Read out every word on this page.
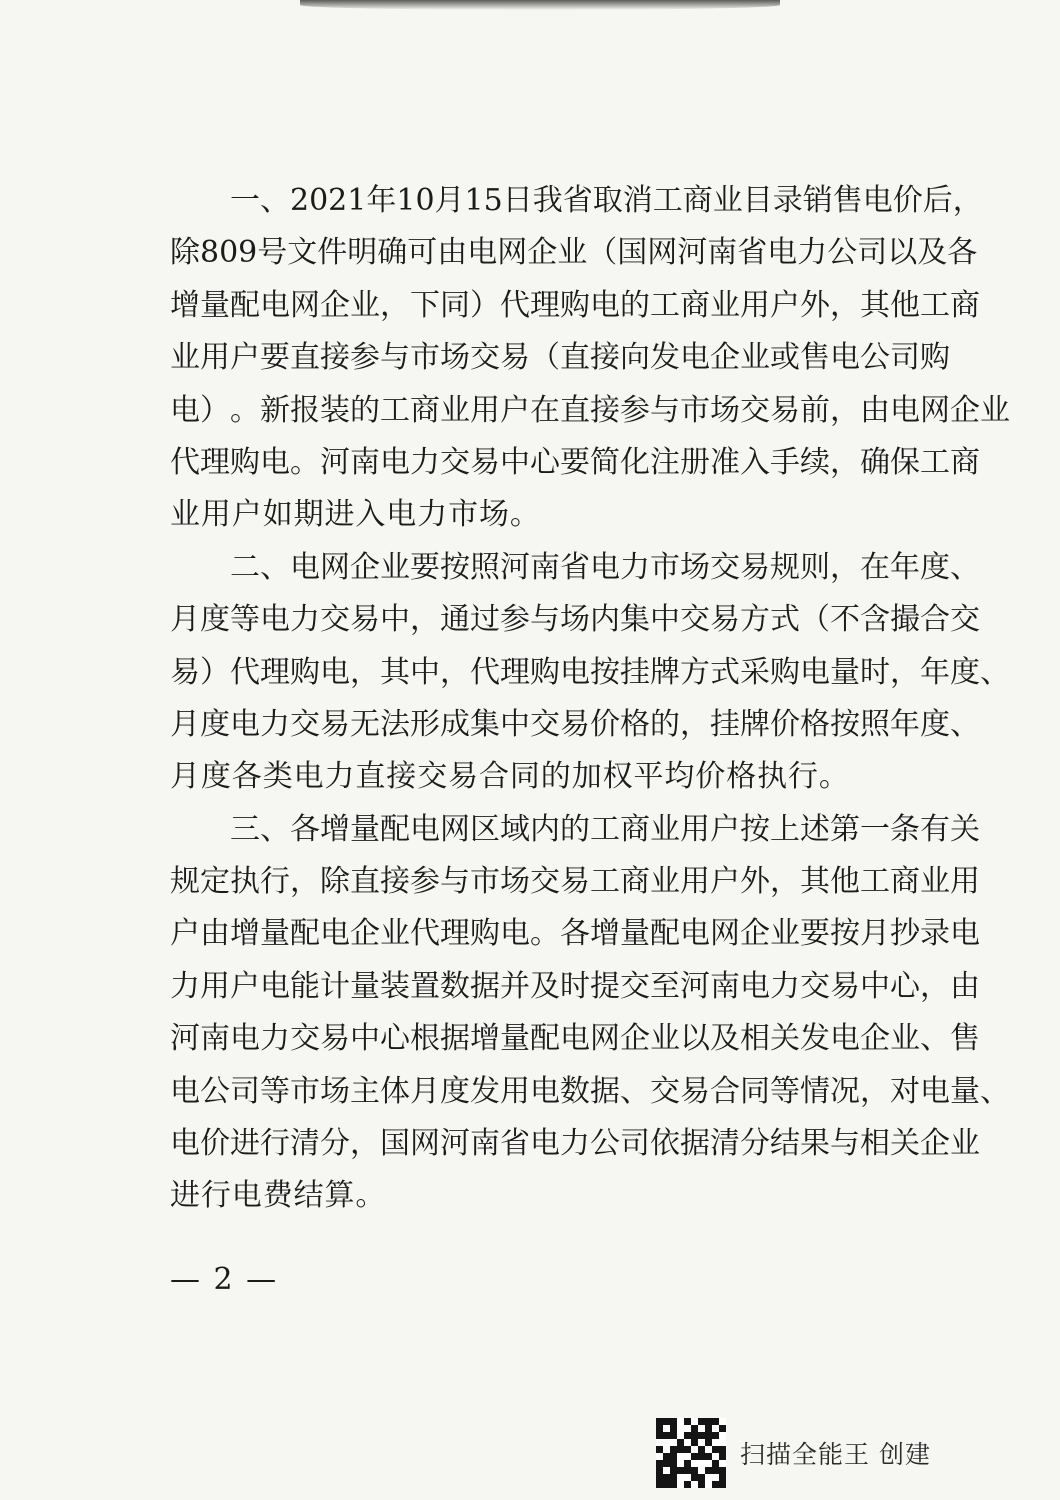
一 、 2021 年 10 月 15 日 我 省 取 消 工 商 业 目 录 销 售 电 价 后 ，
除 809 号 文 件 明 确 可 由 电 网 企 业 （ 国 网 河 南 省 电 力 公 司 以 及 各
增 量 配 电 网 企 业 ， 下 同 ） 代 理 购 电 的 工 商 业 用 户 外 ， 其 他 工 商
业 用 户 要 直 接 参 与 市 场 交 易 （ 直 接 向 发 电 企 业 或 售 电 公 司 购
电 ） 。 新 报 装 的 工 商 业 用 户 在 直 接 参 与 市 场 交 易 前 ， 由 电 网 企 业
代 理 购 电 。 河 南 电 力 交 易 中 心 要 简 化 注 册 准 入 手 续 ， 确 保 工 商
业用户如期进入电力市场。
二 、 电 网 企 业 要 按 照 河 南 省 电 力 市 场 交 易 规 则 ， 在 年 度 、
月 度 等 电 力 交 易 中 ， 通 过 参 与 场 内 集 中 交 易 方 式 （ 不 含 撮 合 交
易 ） 代 理 购 电 ， 其 中 ， 代 理 购 电 按 挂 牌 方 式 采 购 电 量 时 ， 年 度 、
月 度 电 力 交 易 无 法 形 成 集 中 交 易 价 格 的 ， 挂 牌 价 格 按 照 年 度 、
月度各类电力直接交易合同的加权平均价格执行。
三 、 各 增 量 配 电 网 区 域 内 的 工 商 业 用 户 按 上 述 第 一 条 有 关
规 定 执 行 ， 除 直 接 参 与 市 场 交 易 工 商 业 用 户 外 ， 其 他 工 商 业 用
户 由 增 量 配 电 企 业 代 理 购 电 。 各 增 量 配 电 网 企 业 要 按 月 抄 录 电
力 用 户 电 能 计 量 装 置 数 据 并 及 时 提 交 至 河 南 电 力 交 易 中 心 ， 由
河 南 电 力 交 易 中 心 根 据 增 量 配 电 网 企 业 以 及 相 关 发 电 企 业 、 售
电 公 司 等 市 场 主 体 月 度 发 用 电 数 据 、 交 易 合 同 等 情 况 ， 对 电 量 、
电 价 进 行 清 分 ， 国 网 河 南 省 电 力 公 司 依 据 清 分 结 果 与 相 关 企 业
进行电费结算。
— 2 —
扫描全能王 创建
